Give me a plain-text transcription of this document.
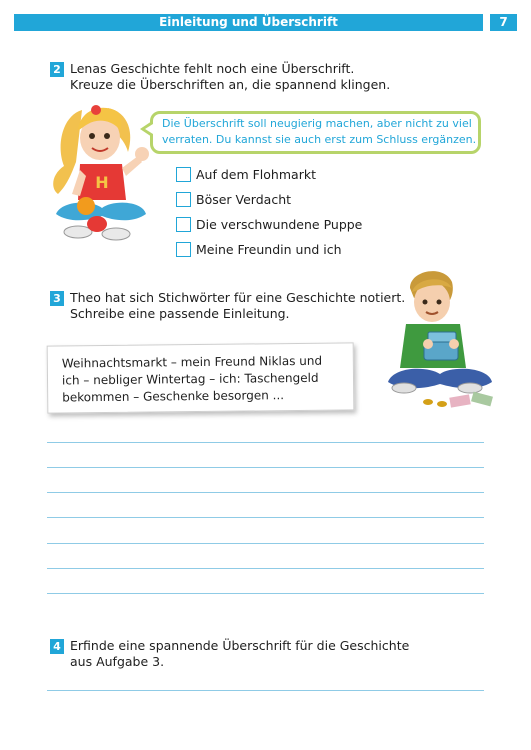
Einleitung und Überschrift	7
2 Lenas Geschichte fehlt noch eine Überschrift.
Kreuze die Überschriften an, die spannend klingen.
H
Die Überschrift soll neugierig machen, aber nicht zu viel
verraten. Du kannst sie auch erst zum Schluss ergänzen.
Auf dem Flohmarkt
Böser Verdacht
Die verschwundene Puppe
Meine Freundin und ich
3 Theo hat sich Stichwörter für eine Geschichte notiert.
Schreibe eine passende Einleitung.
Weihnachtsmarkt – mein Freund Niklas und
ich – nebliger Wintertag – ich: Taschengeld
bekommen – Geschenke besorgen ...
4 Erfinde eine spannende Überschrift für die Geschichte
aus Aufgabe 3.
